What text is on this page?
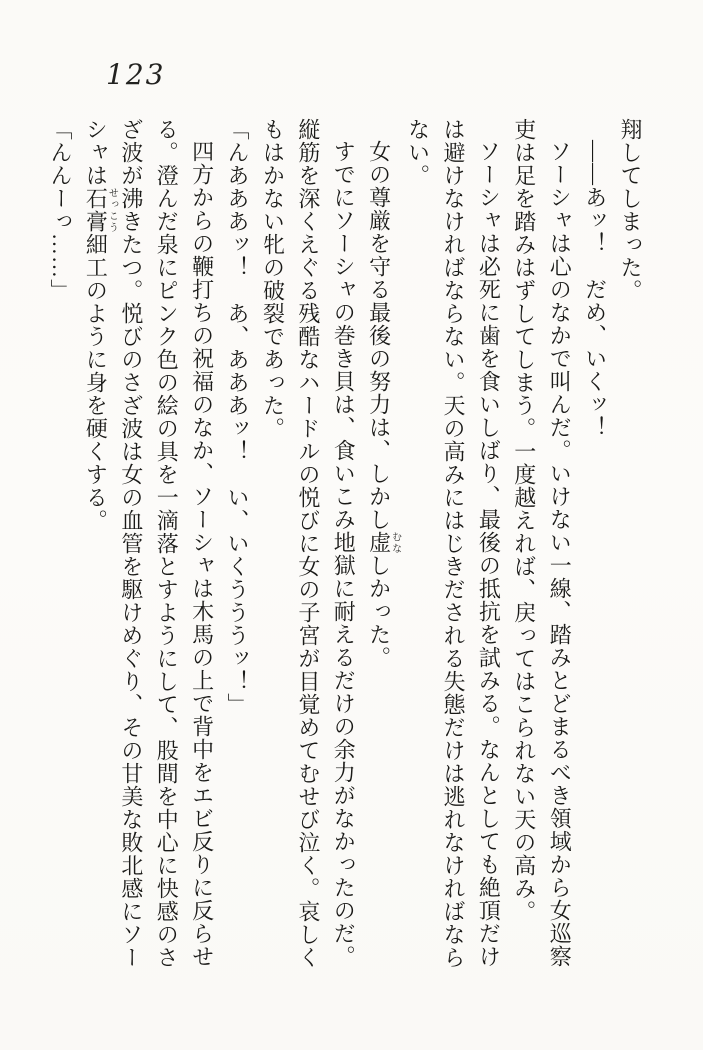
123

翔してしまった。

――あッ！　だめ、いくッ！

ソーシャは心のなかで叫んだ。いけない一線、踏みとどまるべき領域から女巡察吏は足を踏みはずしてしまう。一度越えれば、戻ってはこられない天の高み。

ソーシャは必死に歯を食いしばり、最後の抵抗を試みる。なんとしても絶頂だけは避けなければならない。天の高みにはじきだされる失態だけは逃れなければならない。

女の尊厳を守る最後の努力は、しかし虚むなしかった。

すでにソーシャの巻き貝は、食いこみ地獄に耐えるだけの余力がなかったのだ。縦筋を深くえぐる残酷なハードルの悦びに女の子宮が目覚めてむせび泣く。哀しくもはかない牝の破裂であった。

「んあああッ！　あ、あああッ！　い、いくうううッ！」

四方からの鞭打ちの祝福のなか、ソーシャは木馬の上で背中をエビ反りに反らせる。澄んだ泉にピンク色の絵の具を一滴落とすようにして、股間を中心に快感のさざ波が沸きたつ。悦びのさざ波は女の血管を駆けめぐり、その甘美な敗北感にソーシャは石せっ膏こう細工のように身を硬くする。

「んんーっ……」
